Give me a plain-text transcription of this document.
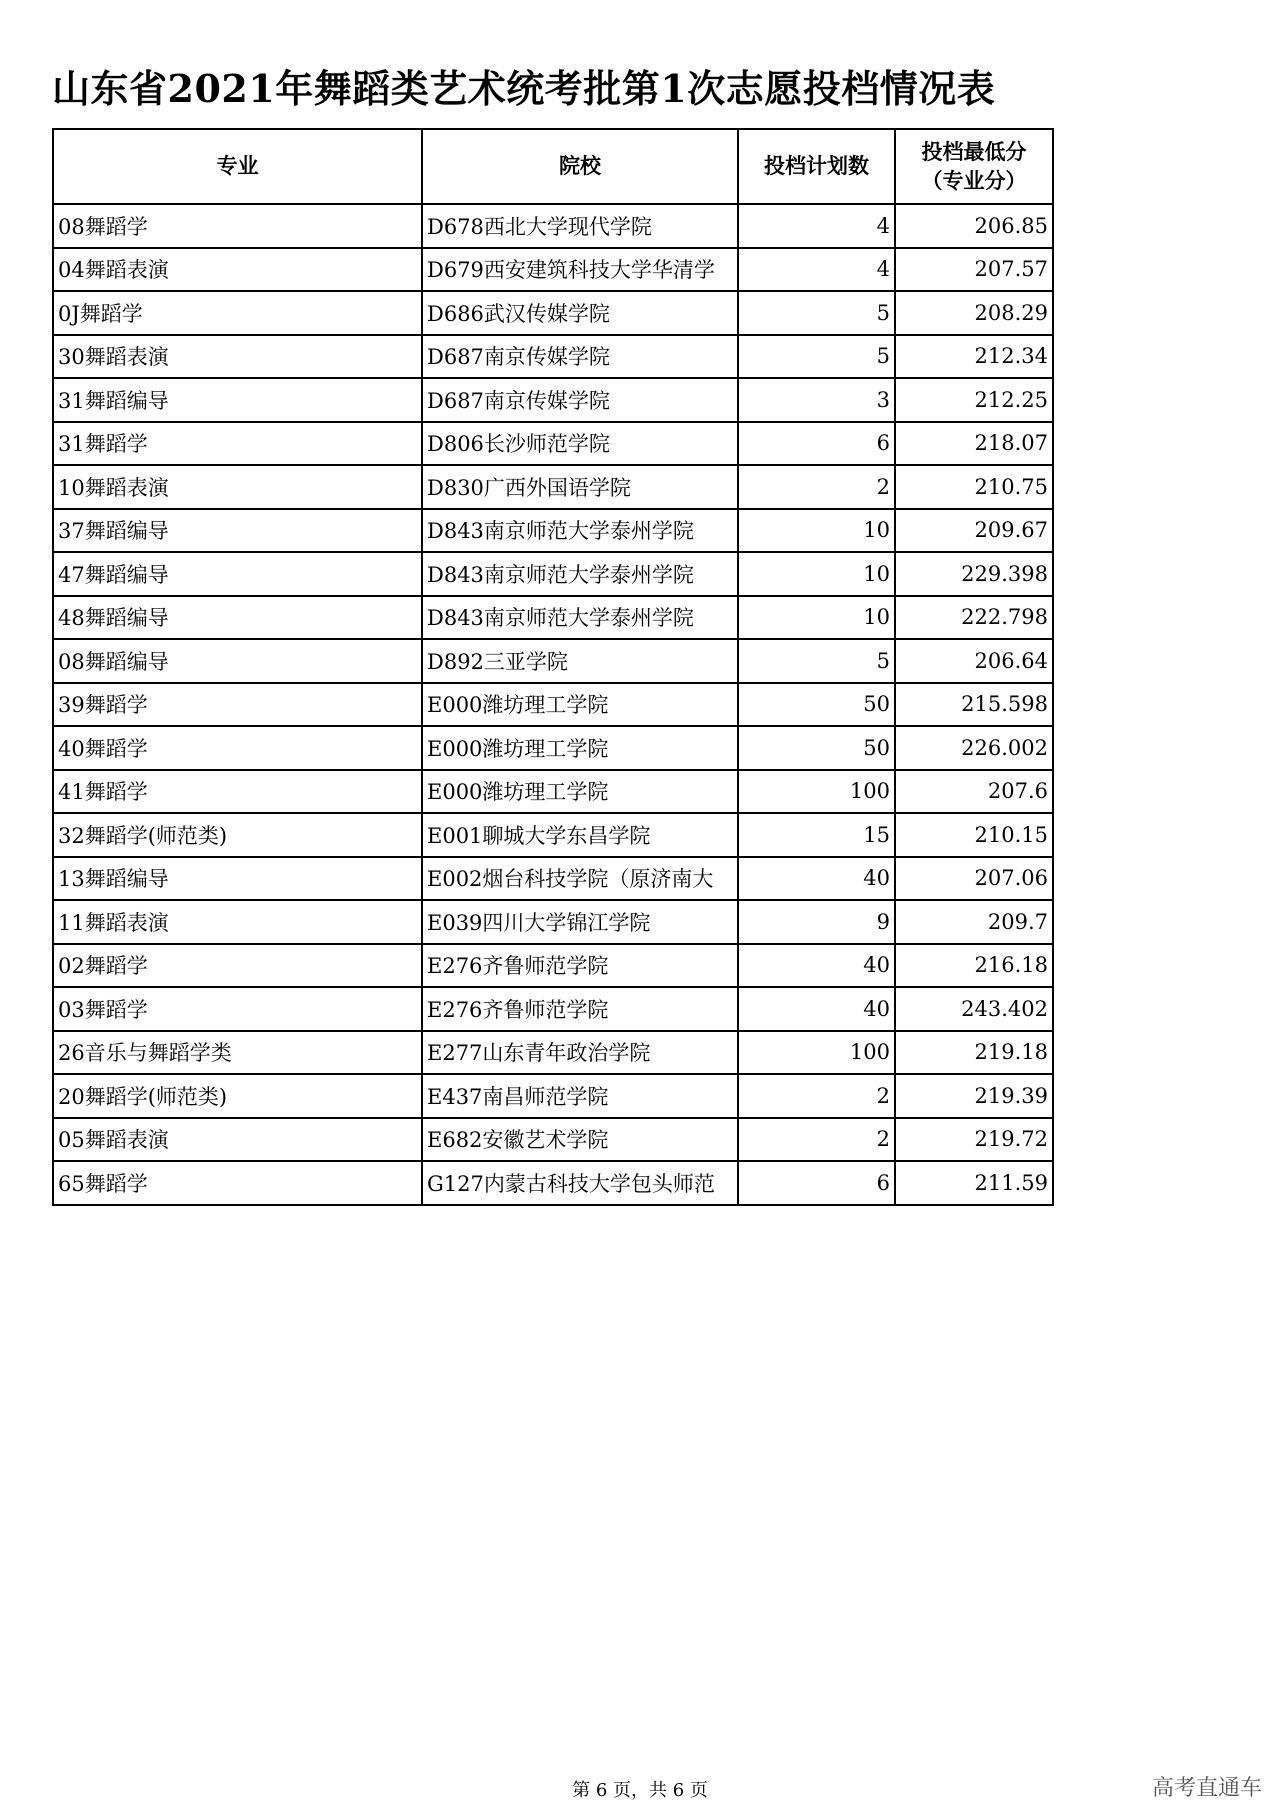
山东省2021年舞蹈类艺术统考批第1次志愿投档情况表
专业	院校	投档计划数	投档最低分
（专业分）

08舞蹈学	D678西北大学现代学院	4	206.85
04舞蹈表演	D679西安建筑科技大学华清学	4	207.57
0J舞蹈学	D686武汉传媒学院	5	208.29
30舞蹈表演	D687南京传媒学院	5	212.34
31舞蹈编导	D687南京传媒学院	3	212.25
31舞蹈学	D806长沙师范学院	6	218.07
10舞蹈表演	D830广西外国语学院	2	210.75
37舞蹈编导	D843南京师范大学泰州学院	10	209.67
47舞蹈编导	D843南京师范大学泰州学院	10	229.398
48舞蹈编导	D843南京师范大学泰州学院	10	222.798
08舞蹈编导	D892三亚学院	5	206.64
39舞蹈学	E000潍坊理工学院	50	215.598
40舞蹈学	E000潍坊理工学院	50	226.002
41舞蹈学	E000潍坊理工学院	100	207.6
32舞蹈学(师范类)	E001聊城大学东昌学院	15	210.15
13舞蹈编导	E002烟台科技学院（原济南大	40	207.06
11舞蹈表演	E039四川大学锦江学院	9	209.7
02舞蹈学	E276齐鲁师范学院	40	216.18
03舞蹈学	E276齐鲁师范学院	40	243.402
26音乐与舞蹈学类	E277山东青年政治学院	100	219.18
20舞蹈学(师范类)	E437南昌师范学院	2	219.39
05舞蹈表演	E682安徽艺术学院	2	219.72
65舞蹈学	G127内蒙古科技大学包头师范	6	211.59
第 6 页，共 6 页	高考直通车
